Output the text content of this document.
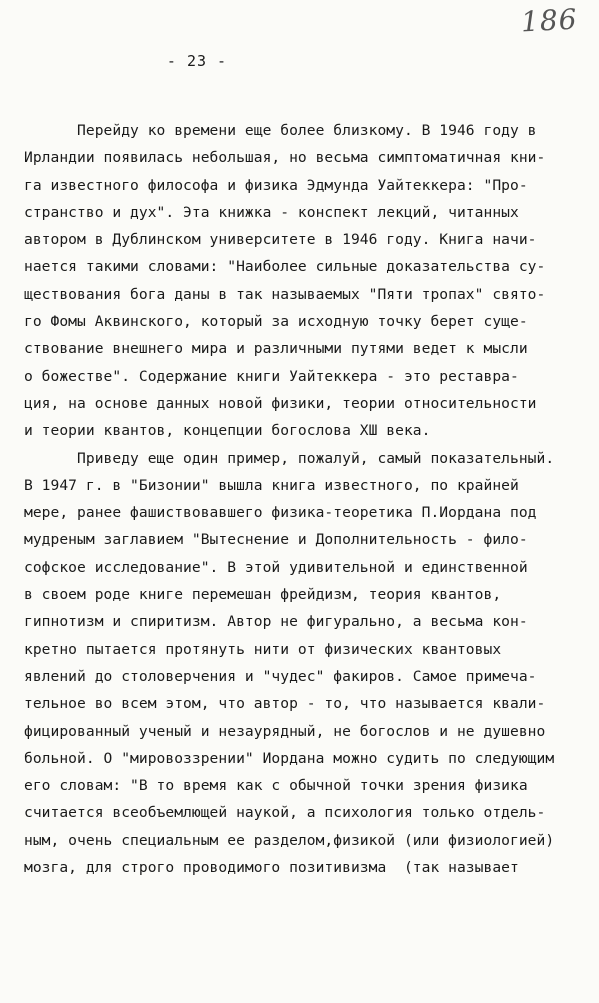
186
- 23 -
Перейду ко времени еще более близкому. В 1946 году в
Ирландии появилась небольшая, но весьма симптоматичная кни-
га известного философа и физика Эдмунда Уайтеккера: "Про-
странство и дух". Эта книжка - конспект лекций, читанных
автором в Дублинском университете в 1946 году. Книга начи-
нается такими словами: "Наиболее сильные доказательства су-
ществования бога даны в так называемых "Пяти тропах" свято-
го Фомы Аквинского, который за исходную точку берет суще-
ствование внешнего мира и различными путями ведет к мысли
о божестве". Содержание книги Уайтеккера - это реставра-
ция, на основе данных новой физики, теории относительности
и теории квантов, концепции богослова ХШ века.
Приведу еще один пример, пожалуй, самый показательный.
В 1947 г. в "Бизонии" вышла книга известного, по крайней
мере, ранее фашиствовавшего физика-теоретика П.Иордана под
мудреным заглавием "Вытеснение и Дополнительность - фило-
софское исследование". В этой удивительной и единственной
в своем роде книге перемешан фрейдизм, теория квантов,
гипнотизм и спиритизм. Автор не фигурально, а весьма кон-
кретно пытается протянуть нити от физических квантовых
явлений до столоверчения и "чудес" факиров. Самое примеча-
тельное во всем этом, что автор - то, что называется квали-
фицированный ученый и незаурядный, не богослов и не душевно
больной. О "мировоззрении" Иордана можно судить по следующим
его словам: "В то время как с обычной точки зрения физика
считается всеобъемлющей наукой, а психология только отдель-
ным, очень специальным ее разделом,физикой (или физиологией)
мозга, для строго проводимого позитивизма  (так называет
